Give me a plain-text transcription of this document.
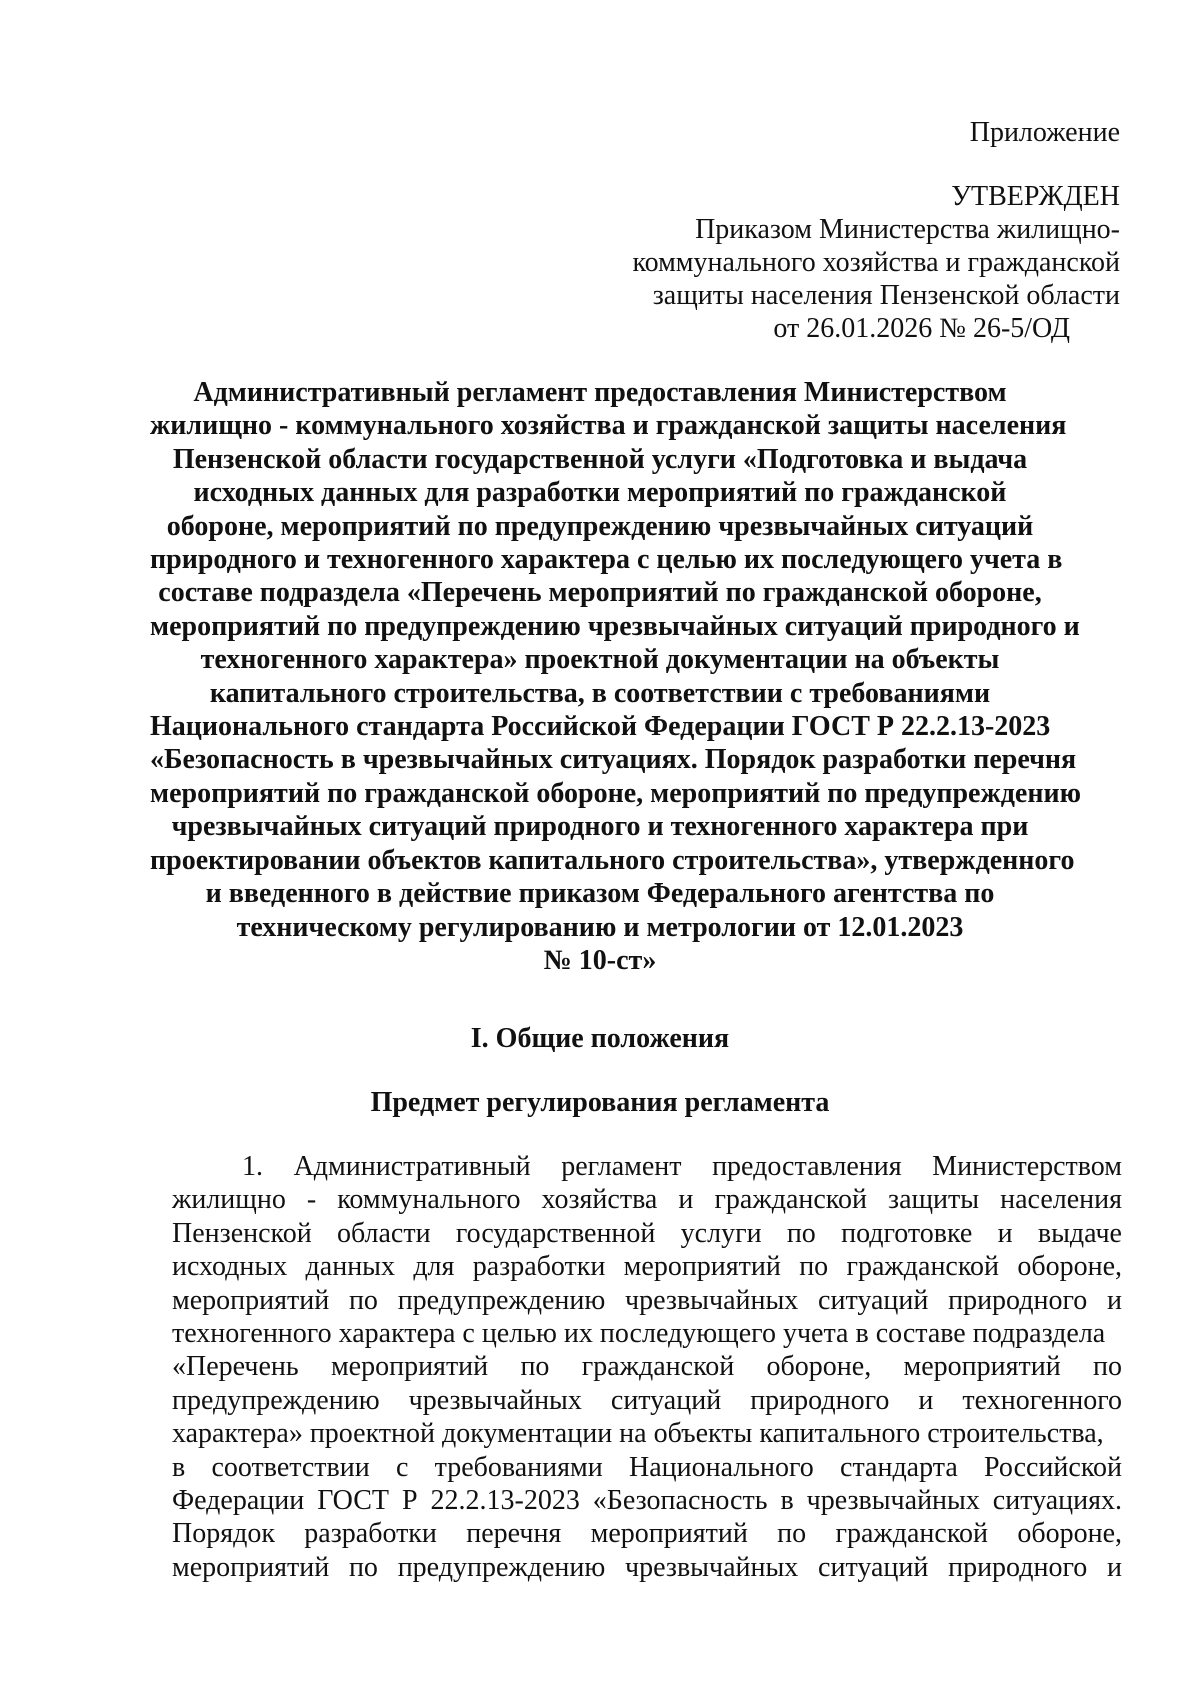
Приложение
УТВЕРЖДЕН
Приказом Министерства жилищно-
коммунального хозяйства и гражданской
защиты населения Пензенской области
от 26.01.2026 № 26-5/ОД
Административный регламент предоставления Министерством
жилищно - коммунального хозяйства и гражданской защиты населения
Пензенской области государственной услуги «Подготовка и выдача
исходных данных для разработки мероприятий по гражданской
обороне, мероприятий по предупреждению чрезвычайных ситуаций
природного и техногенного характера с целью их последующего учета в
составе подраздела «Перечень мероприятий по гражданской обороне,
мероприятий по предупреждению чрезвычайных ситуаций природного и
техногенного характера» проектной документации на объекты
капитального строительства, в соответствии с требованиями
Национального стандарта Российской Федерации ГОСТ Р 22.2.13-2023
«Безопасность в чрезвычайных ситуациях. Порядок разработки перечня
мероприятий по гражданской обороне, мероприятий по предупреждению
чрезвычайных ситуаций природного и техногенного характера при
проектировании объектов капитального строительства», утвержденного
и введенного в действие приказом Федерального агентства по
техническому регулированию и метрологии от 12.01.2023
№ 10-ст»
I. Общие положения
Предмет регулирования регламента
1. Административный регламент предоставления Министерством
жилищно - коммунального хозяйства и гражданской защиты населения
Пензенской области государственной услуги по подготовке и выдаче
исходных данных для разработки мероприятий по гражданской обороне,
мероприятий по предупреждению чрезвычайных ситуаций природного и
техногенного характера с целью их последующего учета в составе подраздела
«Перечень мероприятий по гражданской обороне, мероприятий по
предупреждению чрезвычайных ситуаций природного и техногенного
характера» проектной документации на объекты капитального строительства,
в соответствии с требованиями Национального стандарта Российской
Федерации ГОСТ Р 22.2.13-2023 «Безопасность в чрезвычайных ситуациях.
Порядок разработки перечня мероприятий по гражданской обороне,
мероприятий по предупреждению чрезвычайных ситуаций природного и
